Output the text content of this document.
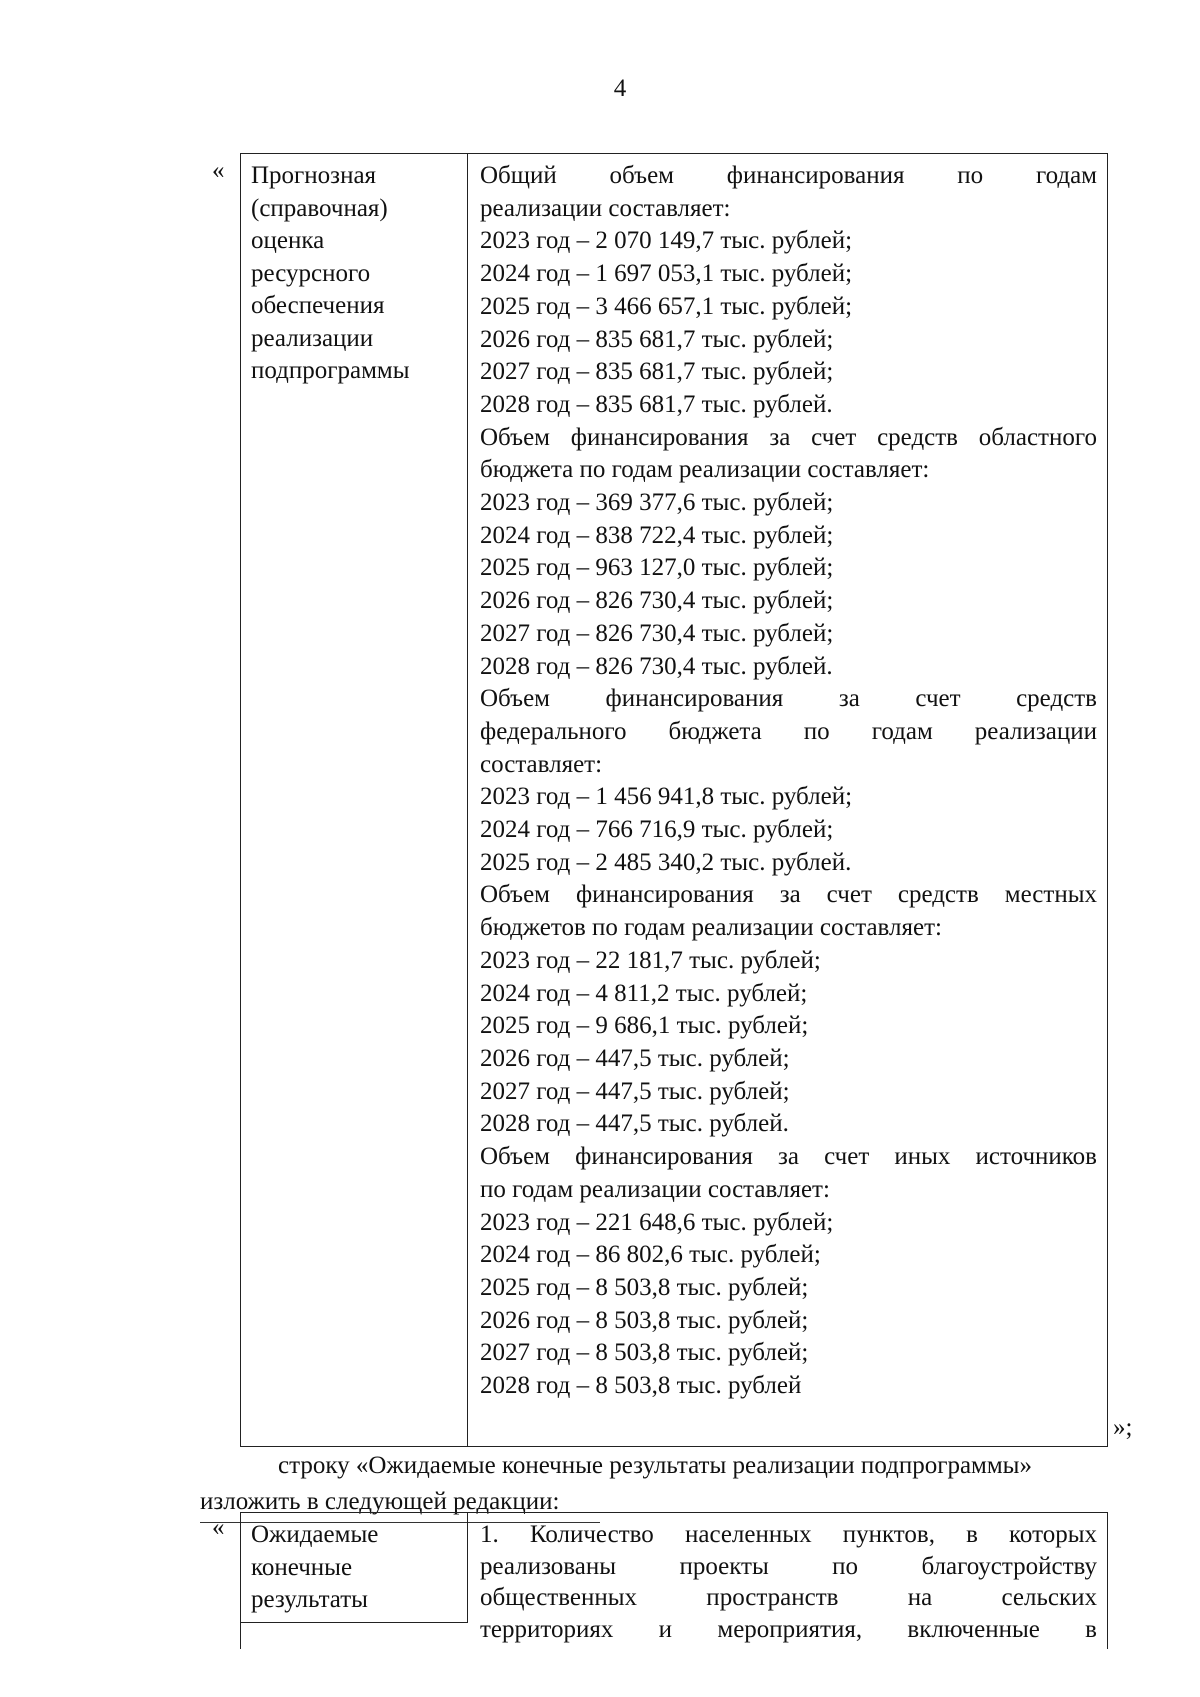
4
« Прогнозная
(справочная)
оценка
ресурсного
обеспечения
реализации
подпрограммы
Общий объем финансирования по годам
реализации составляет:
2023 год – 2 070 149,7 тыс. рублей;
2024 год – 1 697 053,1 тыс. рублей;
2025 год – 3 466 657,1 тыс. рублей;
2026 год – 835 681,7 тыс. рублей;
2027 год – 835 681,7 тыс. рублей;
2028 год – 835 681,7 тыс. рублей.
Объем финансирования за счет средств областного
бюджета по годам реализации составляет:
2023 год – 369 377,6 тыс. рублей;
2024 год – 838 722,4 тыс. рублей;
2025 год – 963 127,0 тыс. рублей;
2026 год – 826 730,4 тыс. рублей;
2027 год – 826 730,4 тыс. рублей;
2028 год – 826 730,4 тыс. рублей.
Объем финансирования за счет средств
федерального бюджета по годам реализации
составляет:
2023 год – 1 456 941,8 тыс. рублей;
2024 год – 766 716,9 тыс. рублей;
2025 год – 2 485 340,2 тыс. рублей.
Объем финансирования за счет средств местных
бюджетов по годам реализации составляет:
2023 год – 22 181,7 тыс. рублей;
2024 год – 4 811,2 тыс. рублей;
2025 год – 9 686,1 тыс. рублей;
2026 год – 447,5 тыс. рублей;
2027 год – 447,5 тыс. рублей;
2028 год – 447,5 тыс. рублей.
Объем финансирования за счет иных источников
по годам реализации составляет:
2023 год – 221 648,6 тыс. рублей;
2024 год – 86 802,6 тыс. рублей;
2025 год – 8 503,8 тыс. рублей;
2026 год – 8 503,8 тыс. рублей;
2027 год – 8 503,8 тыс. рублей;
2028 год – 8 503,8 тыс. рублей
»;
строку «Ожидаемые конечные результаты реализации подпрограммы»
изложить в следующей редакции:
« Ожидаемые
конечные
результаты
1. Количество населенных пунктов, в которых
реализованы проекты по благоустройству
общественных пространств на сельских
территориях и мероприятия, включенные в
